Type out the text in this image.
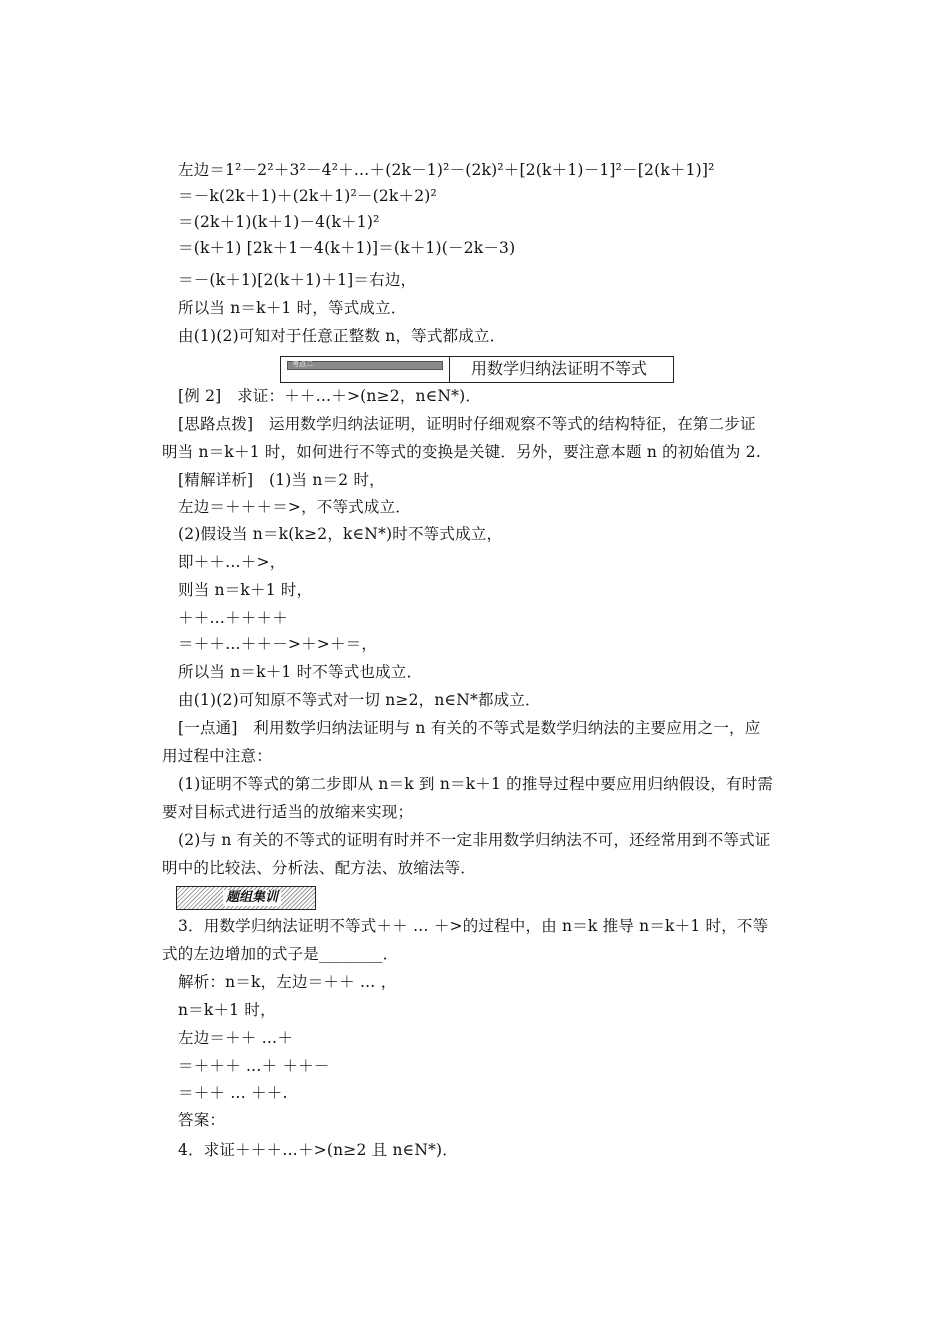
左边＝1²－2²＋3²－4²＋…＋(2k－1)²－(2k)²＋[2(k＋1)－1]²－[2(k＋1)]²
＝－k(2k＋1)＋(2k＋1)²－(2k＋2)²
＝(2k＋1)(k＋1)－4(k＋1)²
＝(k＋1) [2k＋1－4(k＋1)]＝(k＋1)(－2k－3)
＝－(k＋1)[2(k＋1)＋1]＝右边，
所以当 n＝k＋1 时，等式成立．
由(1)(2)可知对于任意正整数 n，等式都成立．
考点二	用数学归纳法证明不等式
[例 2]　求证：＋＋…＋>(n≥2，n∈N*)．
[思路点拨]　运用数学归纳法证明，证明时仔细观察不等式的结构特征，在第二步证
明当 n＝k＋1 时，如何进行不等式的变换是关键．另外，要注意本题 n 的初始值为 2.
[精解详析]　(1)当 n＝2 时，
左边＝＋＋＋＝>，不等式成立．
(2)假设当 n＝k(k≥2，k∈N*)时不等式成立，
即＋＋…＋>，
则当 n＝k＋1 时，
＋＋…＋＋＋＋
＝＋＋…＋＋－>＋>＋＝，
所以当 n＝k＋1 时不等式也成立．
由(1)(2)可知原不等式对一切 n≥2，n∈N*都成立．
[一点通]　利用数学归纳法证明与 n 有关的不等式是数学归纳法的主要应用之一，应
用过程中注意：
(1)证明不等式的第二步即从 n＝k 到 n＝k＋1 的推导过程中要应用归纳假设，有时需
要对目标式进行适当的放缩来实现；
(2)与 n 有关的不等式的证明有时并不一定非用数学归纳法不可，还经常用到不等式证
明中的比较法、分析法、配方法、放缩法等．
题组集训
3．用数学归纳法证明不等式＋＋ … ＋>的过程中，由 n＝k 推导 n＝k＋1 时，不等
式的左边增加的式子是________．
解析：n＝k，左边＝＋＋ … ，
n＝k＋1 时，
左边＝＋＋ …＋
＝＋＋＋ …＋ ＋＋－
＝＋＋ … ＋＋.
答案：
4．求证＋＋＋…＋>(n≥2 且 n∈N*)．
